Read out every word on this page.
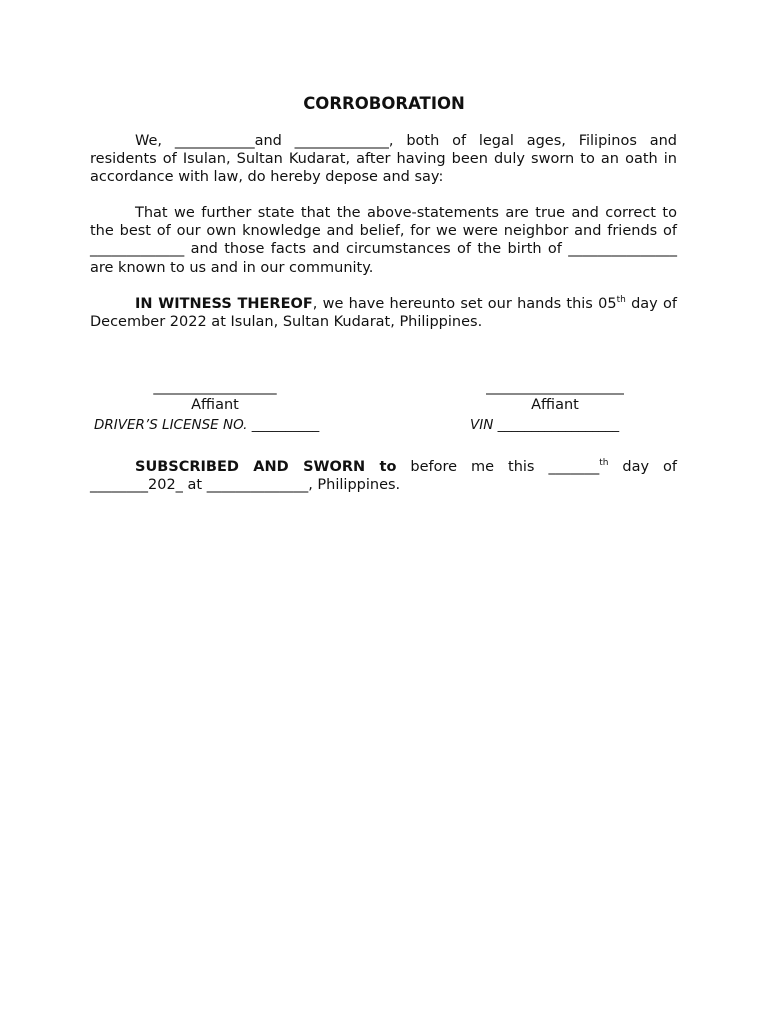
CORROBORATION
We, ___________and _____________, both of legal ages, Filipinos and residents of Isulan, Sultan Kudarat, after having been duly sworn to an oath in accordance with law, do hereby depose and say:
That we further state that the above-statements are true and correct to the best of our own knowledge and belief, for we were neighbor and friends of _____________ and those facts and circumstances of the birth of _______________ are known to us and in our community.
IN WITNESS THEREOF, we have hereunto set our hands this 05th day of December 2022 at Isulan, Sultan Kudarat, Philippines.
_________________	___________________
Affiant	Affiant
DRIVER’S LICENSE NO. __________	VIN __________________
SUBSCRIBED AND SWORN to before me this _______$^{th}$ day of ________202_ at ______________, Philippines.
